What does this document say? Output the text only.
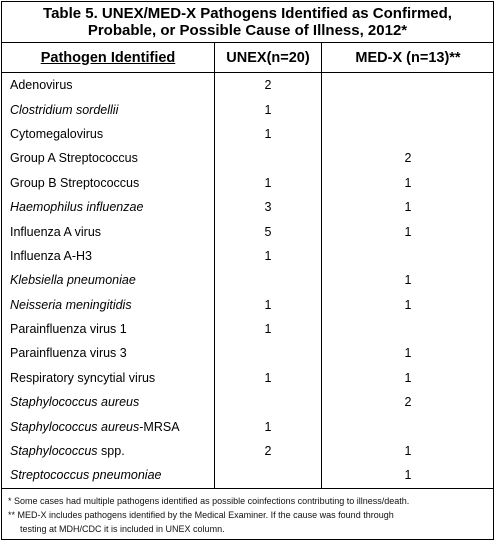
Table 5. UNEX/MED-X Pathogens Identified as Confirmed,
Probable, or Possible Cause of Illness, 2012*
Pathogen Identified	UNEX(n=20)	MED-X (n=13)**
Adenovirus	2	
Clostridium sordellii	1	
Cytomegalovirus	1	
Group A Streptococcus		2
Group B Streptococcus	1	1
Haemophilus influenzae	3	1
Influenza A virus	5	1
Influenza A-H3	1	
Klebsiella pneumoniae		1
Neisseria meningitidis	1	1
Parainfluenza virus 1	1	
Parainfluenza virus 3		1
Respiratory syncytial virus	1	1
Staphylococcus aureus		2
Staphylococcus aureus-MRSA	1	
Staphylococcus spp.	2	1
Streptococcus pneumoniae		1
* Some cases had multiple pathogens identified as possible coinfections contributing to illness/death.
** MED-X includes pathogens identified by the Medical Examiner. If the cause was found through
testing at MDH/CDC it is included in UNEX column.
